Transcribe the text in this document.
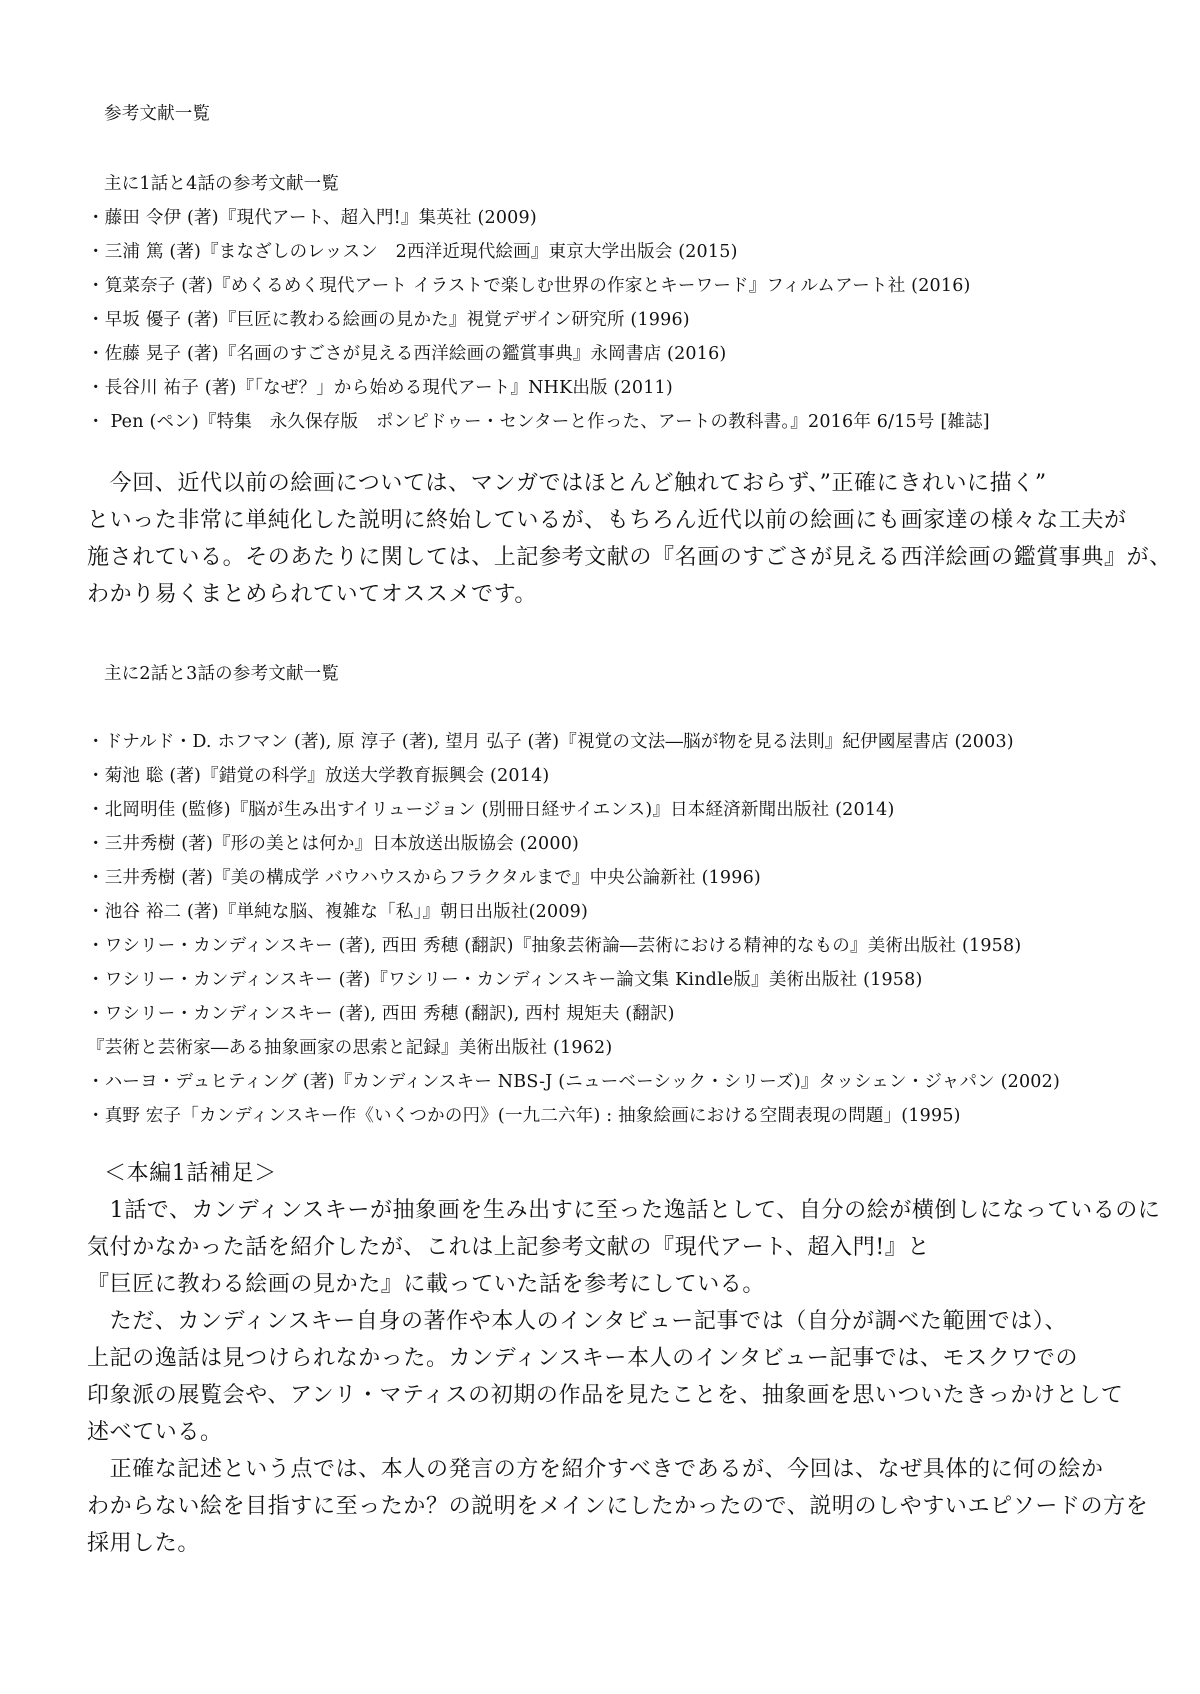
参考文献一覧
主に1話と4話の参考文献一覧
・藤田 令伊 (著)『現代アート、超入門!』集英社 (2009)
・三浦 篤 (著)『まなざしのレッスン　2西洋近現代絵画』東京大学出版会 (2015)
・筧菜奈子 (著)『めくるめく現代アート イラストで楽しむ世界の作家とキーワード』フィルムアート社 (2016)
・早坂 優子 (著)『巨匠に教わる絵画の見かた』視覚デザイン研究所 (1996)
・佐藤 晃子 (著)『名画のすごさが見える西洋絵画の鑑賞事典』永岡書店 (2016)
・長谷川 祐子 (著)『「なぜ？」から始める現代アート』NHK出版 (2011)
・ Pen (ペン)『特集　永久保存版　ポンピドゥー・センターと作った、アートの教科書。』2016年 6/15号 [雑誌]
　今回、近代以前の絵画については、マンガではほとんど触れておらず、”正確にきれいに描く”
といった非常に単純化した説明に終始しているが、もちろん近代以前の絵画にも画家達の様々な工夫が
施されている。そのあたりに関しては、上記参考文献の『名画のすごさが見える西洋絵画の鑑賞事典』が、
わかり易くまとめられていてオススメです。
主に2話と3話の参考文献一覧
・ドナルド・D. ホフマン (著), 原 淳子 (著), 望月 弘子 (著)『視覚の文法―脳が物を見る法則』紀伊國屋書店 (2003)
・菊池 聡 (著)『錯覚の科学』放送大学教育振興会 (2014)
・北岡明佳 (監修)『脳が生み出すイリュージョン (別冊日経サイエンス)』日本経済新聞出版社 (2014)
・三井秀樹 (著)『形の美とは何か』日本放送出版協会 (2000)
・三井秀樹 (著)『美の構成学 バウハウスからフラクタルまで』中央公論新社 (1996)
・池谷 裕二 (著)『単純な脳、複雑な「私」』朝日出版社(2009)
・ワシリー・カンディンスキー (著), 西田 秀穂 (翻訳)『抽象芸術論―芸術における精神的なもの』美術出版社 (1958)
・ワシリー・カンディンスキー (著)『ワシリー・カンディンスキー論文集 Kindle版』美術出版社 (1958)
・ワシリー・カンディンスキー (著), 西田 秀穂 (翻訳), 西村 規矩夫 (翻訳)
『芸術と芸術家―ある抽象画家の思索と記録』美術出版社 (1962)
・ハーヨ・デュヒティング (著)『カンディンスキー NBS-J (ニューベーシック・シリーズ)』タッシェン・ジャパン (2002)
・真野 宏子「カンディンスキー作《いくつかの円》(一九二六年) : 抽象絵画における空間表現の問題」(1995)
＜本編1話補足＞
　1話で、カンディンスキーが抽象画を生み出すに至った逸話として、自分の絵が横倒しになっているのに
気付かなかった話を紹介したが、これは上記参考文献の『現代アート、超入門!』と
『巨匠に教わる絵画の見かた』に載っていた話を参考にしている。
　ただ、カンディンスキー自身の著作や本人のインタビュー記事では（自分が調べた範囲では）、
上記の逸話は見つけられなかった。カンディンスキー本人のインタビュー記事では、モスクワでの
印象派の展覧会や、アンリ・マティスの初期の作品を見たことを、抽象画を思いついたきっかけとして
述べている。
　正確な記述という点では、本人の発言の方を紹介すべきであるが、今回は、なぜ具体的に何の絵か
わからない絵を目指すに至ったか？の説明をメインにしたかったので、説明のしやすいエピソードの方を
採用した。
